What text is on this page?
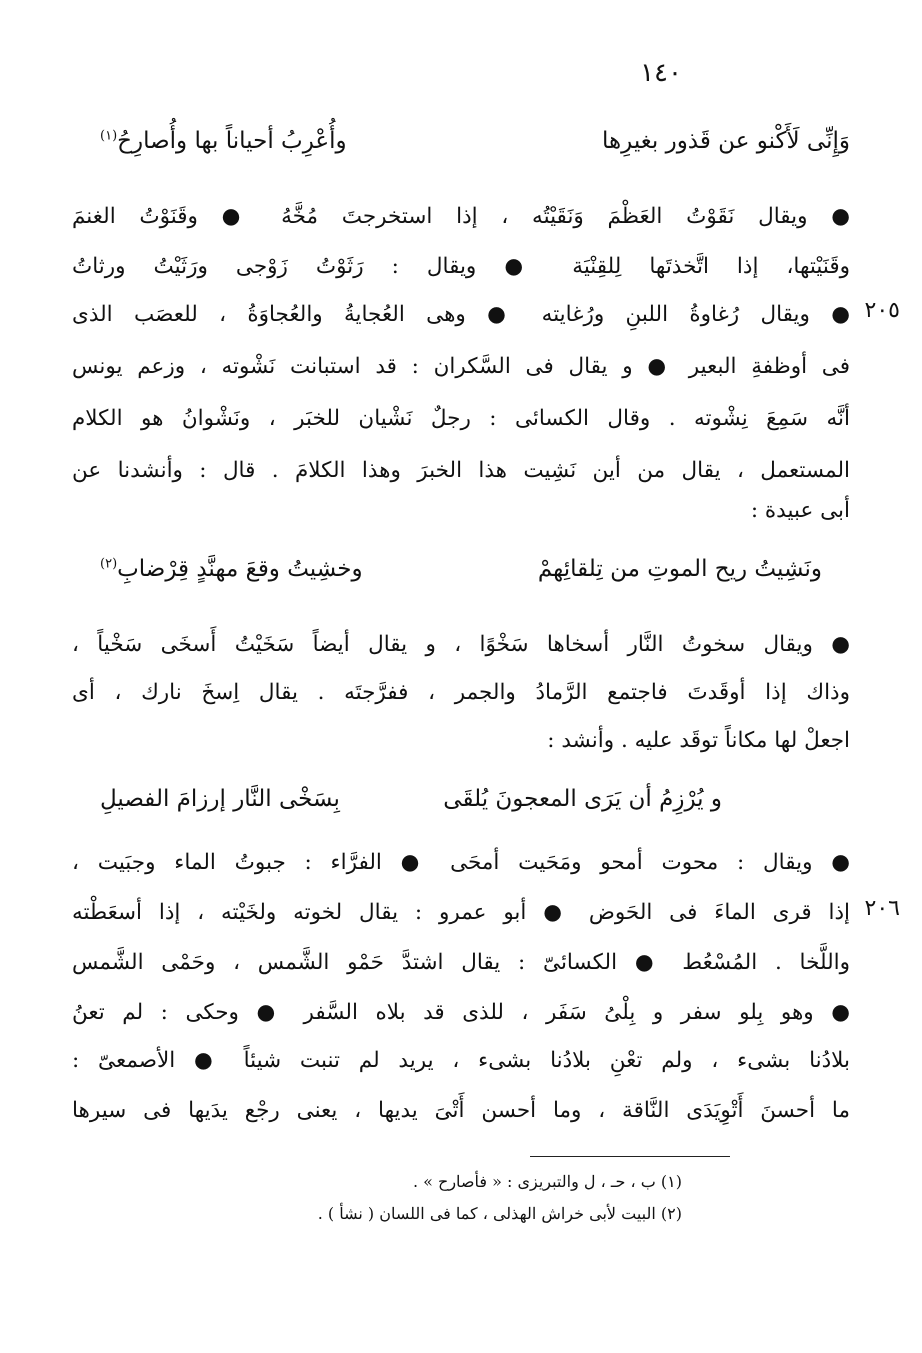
١٤٠
وَإِنِّى لَأَكْنو عن قَذور بغيرِها
وأُعْرِبُ أحياناً بها وأُصارِحُ$^{(١)}$
● ويقال نَقَوْتُ العَظْمَ وَنَقَيْتُه ، إذا استخرجتَ مُخَّهُ ● وقَنَوْتُ الغنمَ
وقَنَيْتها، إذا اتَّخذتَها لِلقِنْيَة ● ويقال : رَثَوْتُ زَوْجى ورَثَيْتُ ورثاتُ
٢٠٥
● ويقال رُغاوةُ اللبنِ ورُغايته ● وهى العُجايةُ والعُجاوَةُ ، للعصَب الذى
فى أوظفةِ البعير ● و يقال فى السَّكران : قد استبانت نَشْوته ، وزعم يونس
أنَّه سَمِعَ نِشْوته . وقال الكسائى : رجلٌ نَشْيان للخبَر ، ونَشْوانُ هو الكلام
المستعمل ، يقال من أين نَشِيت هذا الخبرَ وهذا الكلامَ . قال : وأنشدنا عن
أبى عبيدة :
ونَشِيتُ ريح الموتِ من تِلقائِهمْ
وخشِيتُ وقعَ مهنَّدٍ قِرْضابِ$^{(٢)}$
● ويقال سخوتُ النَّار أسخاها سَخْوًا ، و يقال أيضاً سَخَيْتُ أَسخَى سَخْياً ،
وذاك إذا أوقَدتَ فاجتمع الرَّمادُ والجمر ، ففرَّجتَه . يقال اِسخَ نارك ، أى
اجعلْ لها مكاناً توقَد عليه . وأنشد :
و يُرْزِمُ أن يَرَى المعجونَ يُلقَى
بِسَخْى النَّار إرزامَ الفصيلِ
● ويقال : محوت أمحو ومَحَيت أمحَى ● الفرَّاء : جبوتُ الماء وجبَيت ،
٢٠٦
إذا قرى الماءَ فى الحَوض ● أبو عمرو : يقال لخوته ولخَيْته ، إذا أسعَطْته
واللَّخا . المُسْعُط ● الكسائىّ : يقال اشتدَّ حَمْو الشَّمس ، وحَمْى الشَّمس
● وهو بِلو سفر و بِلْىُ سَفَر ، للذى قد بلاه السَّفر ● وحكى : لم تعنُ
بلادُنا بشىء ، ولم تعْنِ بلادُنا بشىء ، يريد لم تنبت شيئاً ● الأصمعىّ :
ما أحسنَ أَتْوِيَدَى النَّاقة ، وما أحسن أَتْىَ يديها ، يعنى رجْع يدَيها فى سيرها
(١) ب ، حـ ، ل والتبريزى : « فأصارح » .
(٢) البيت لأبى خراش الهذلى ، كما فى اللسان ( نشأ ) .
